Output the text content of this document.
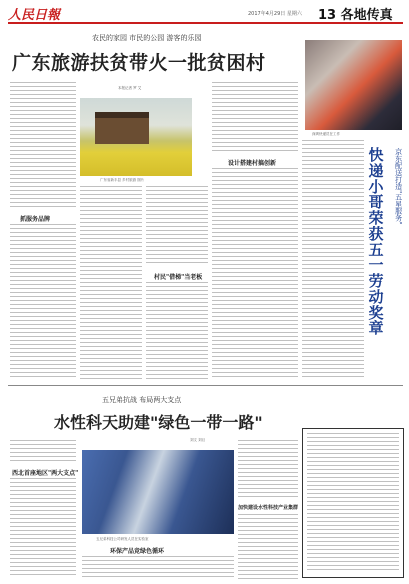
人民日報	2017年4月29日 星期六 13 各地传真
农民的家园 市民的公园 游客的乐园
广东旅游扶贫带火一批贫困村
本报记者 罗 艾
广东省新丰县 乡村旅游 图片
抓服务品牌
村民"借梯"当老板
设计搭建村搞创新
深圳快递员在工作
京东配送打造"五星服务"
快
递
小
哥
荣
获
五
一
劳
动
奖
章
五兄弟抗战 布局两大支点
水性科天助建"绿色一带一路"
刘文 刘旦
西北首座地区"两大支点"
五兄弟科技公司研发人员在实验室
环保产品竞绿色循环
加快建设水性科技产业集群
